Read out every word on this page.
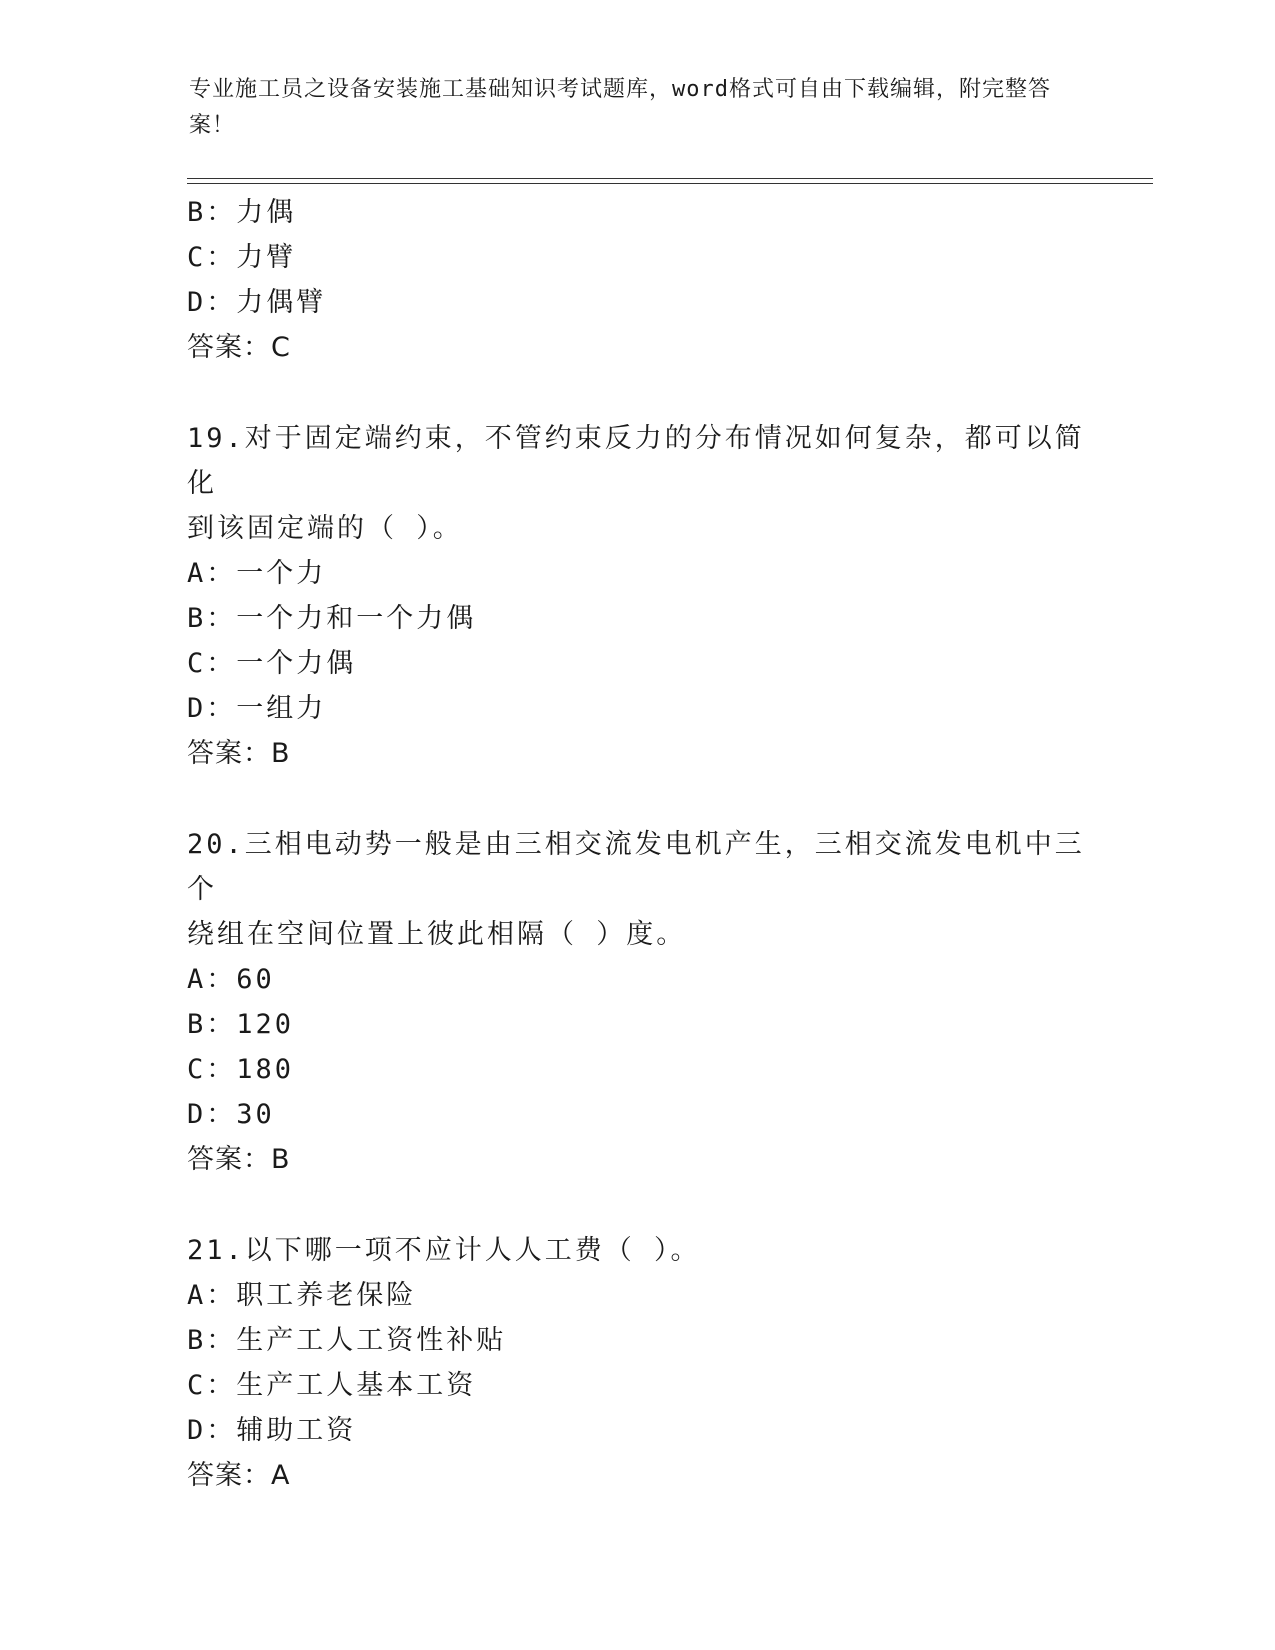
专业施工员之设备安装施工基础知识考试题库，word格式可自由下载编辑，附完整答案！
B：力偶
C：力臂
D：力偶臂
答案：C
19.对于固定端约束，不管约束反力的分布情况如何复杂，都可以简化
到该固定端的（ ）。
A：一个力
B：一个力和一个力偶
C：一个力偶
D：一组力
答案：B
20.三相电动势一般是由三相交流发电机产生，三相交流发电机中三个
绕组在空间位置上彼此相隔（ ）度。
A：60
B：120
C：180
D：30
答案：B
21.以下哪一项不应计人人工费（ ）。
A：职工养老保险
B：生产工人工资性补贴
C：生产工人基本工资
D：辅助工资
答案：A
